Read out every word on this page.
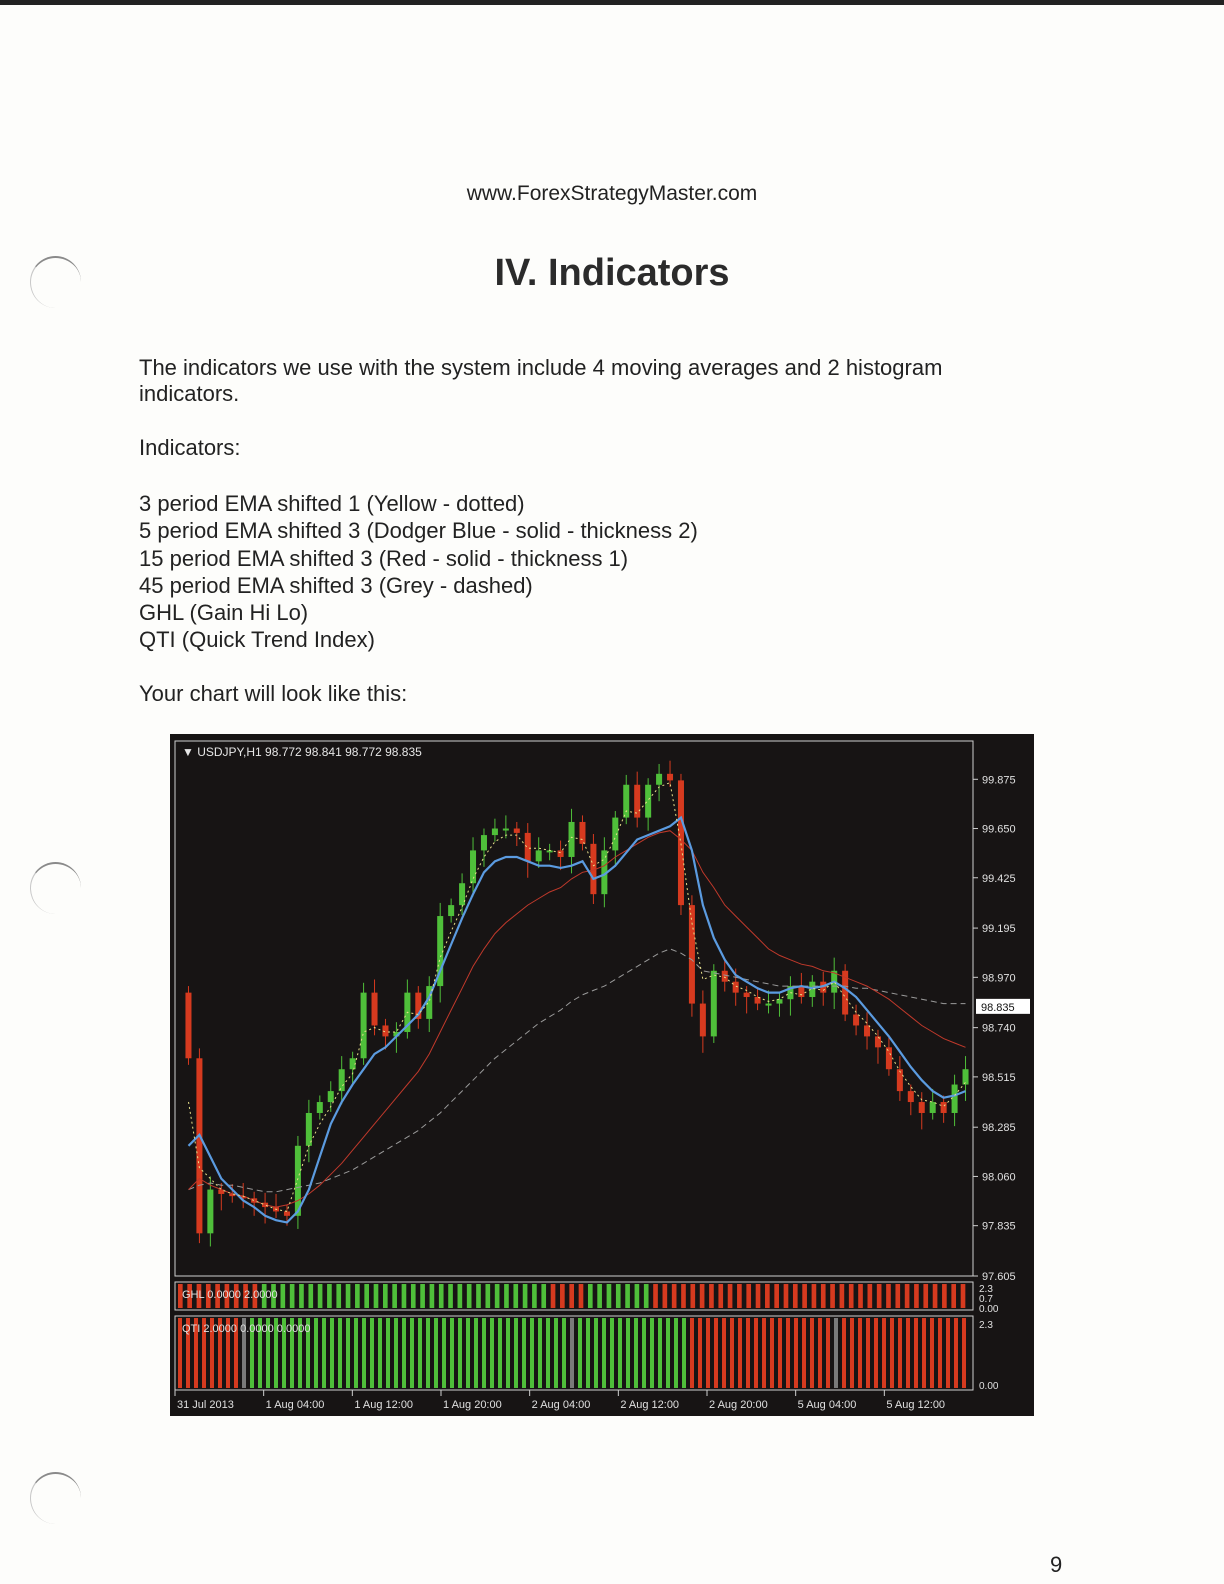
www.ForexStrategyMaster.com
IV. Indicators

The indicators we use with the system include 4 moving averages and 2 histogram indicators.

Indicators:

3 period EMA shifted 1 (Yellow - dotted)
5 period EMA shifted 3 (Dodger Blue - solid - thickness 2)
15 period EMA shifted 3 (Red - solid - thickness 1)
45 period EMA shifted 3 (Grey - dashed)
GHL (Gain Hi Lo)
QTI (Quick Trend Index)

Your chart will look like this:

99.875
99.650
99.425
99.195
98.970
98.740
98.515
98.285
98.060
97.835
97.605
98.835
▼ USDJPY,H1 98.772 98.841 98.772 98.835
GHL 0.0000 2.0000
QTI 2.0000 0.0000 0.0000
2.3
0.7
0.00
2.3
0.00
31 Jul 2013	1 Aug 04:00	1 Aug 12:00	1 Aug 20:00	2 Aug 04:00	2 Aug 12:00	2 Aug 20:00	5 Aug 04:00	5 Aug 12:00
9
